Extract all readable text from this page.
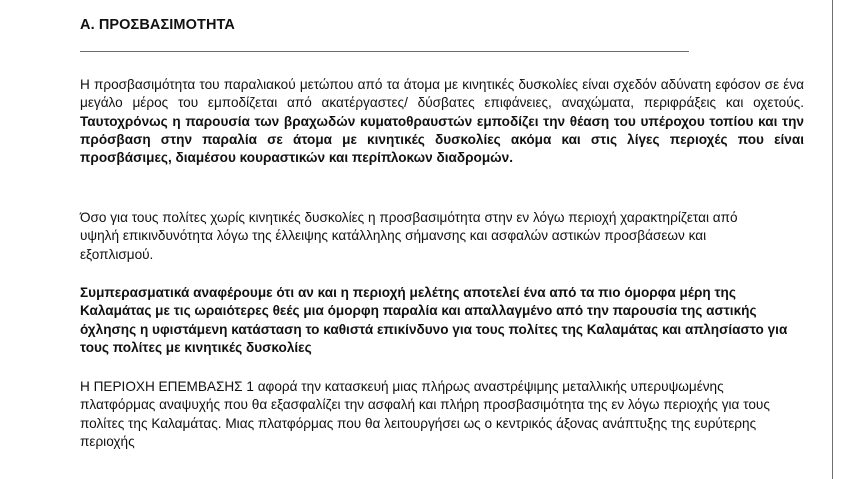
Α. ΠΡΟΣΒΑΣΙΜΟΤΗΤΑ

Η προσβασιμότητα του παραλιακού μετώπου από τα άτομα με κινητικές δυσκολίες είναι σχεδόν αδύνατη εφόσον σε ένα μεγάλο μέρος του εμποδίζεται από ακατέργαστες/ δύσβατες επιφάνειες, αναχώματα, περιφράξεις και οχετούς. Ταυτοχρόνως η παρουσία των βραχωδών κυματοθραυστών εμποδίζει την θέαση του υπέροχου τοπίου και την πρόσβαση στην παραλία σε άτομα με κινητικές δυσκολίες ακόμα και στις λίγες περιοχές που είναι προσβάσιμες, διαμέσου κουραστικών και περίπλοκων διαδρομών.

Όσο για τους πολίτες χωρίς κινητικές δυσκολίες η προσβασιμότητα στην εν λόγω περιοχή χαρακτηρίζεται από υψηλή επικινδυνότητα λόγω της έλλειψης κατάλληλης σήμανσης και ασφαλών αστικών προσβάσεων και εξοπλισμού.

Συμπερασματικά αναφέρουμε ότι αν και η περιοχή μελέτης αποτελεί ένα από τα πιο όμορφα μέρη της Καλαμάτας με τις ωραιότερες θεές μια όμορφη παραλία και απαλλαγμένο από την παρουσία της αστικής όχλησης η υφιστάμενη κατάσταση το καθιστά επικίνδυνο για τους πολίτες της Καλαμάτας και απλησίαστο για τους πολίτες με κινητικές δυσκολίες

Η ΠΕΡΙΟΧΗ ΕΠΕΜΒΑΣΗΣ 1 αφορά την κατασκευή μιας πλήρως αναστρέψιμης μεταλλικής υπερυψωμένης πλατφόρμας αναψυχής που θα εξασφαλίζει την ασφαλή και πλήρη προσβασιμότητα της εν λόγω περιοχής για τους πολίτες της Καλαμάτας. Μιας πλατφόρμας που θα λειτουργήσει ως ο κεντρικός άξονας ανάπτυξης της ευρύτερης περιοχής
